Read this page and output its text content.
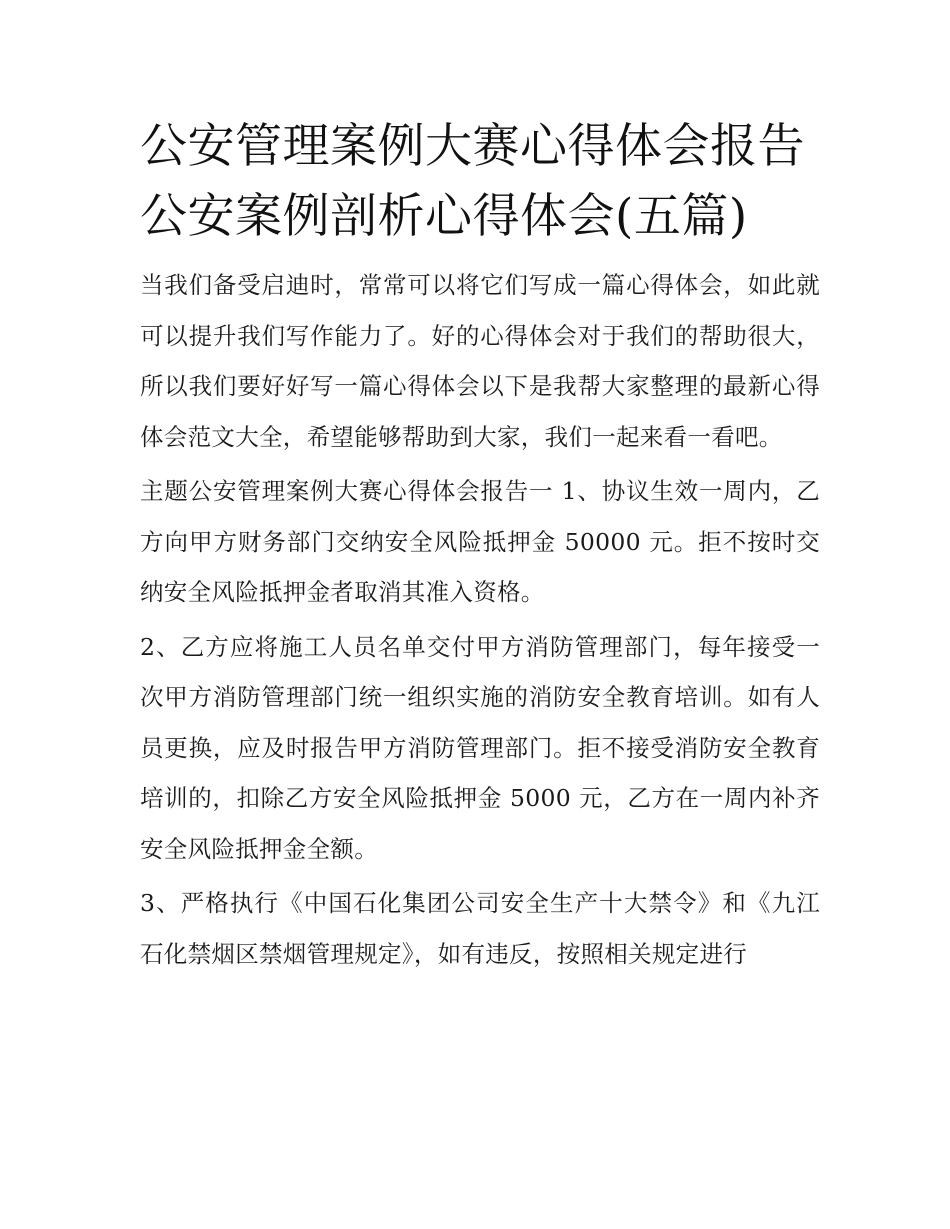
公安管理案例大赛心得体会报告 公安案例剖析心得体会(五篇)

当我们备受启迪时，常常可以将它们写成一篇心得体会，如此就可以提升我们写作能力了。好的心得体会对于我们的帮助很大，所以我们要好好写一篇心得体会以下是我帮大家整理的最新心得体会范文大全，希望能够帮助到大家，我们一起来看一看吧。

主题公安管理案例大赛心得体会报告一 1、协议生效一周内，乙方向甲方财务部门交纳安全风险抵押金 50000 元。拒不按时交纳安全风险抵押金者取消其准入资格。

2、乙方应将施工人员名单交付甲方消防管理部门，每年接受一次甲方消防管理部门统一组织实施的消防安全教育培训。如有人员更换，应及时报告甲方消防管理部门。拒不接受消防安全教育培训的，扣除乙方安全风险抵押金 5000 元，乙方在一周内补齐安全风险抵押金全额。

3、严格执行《中国石化集团公司安全生产十大禁令》和《九江石化禁烟区禁烟管理规定》，如有违反，按照相关规定进行
